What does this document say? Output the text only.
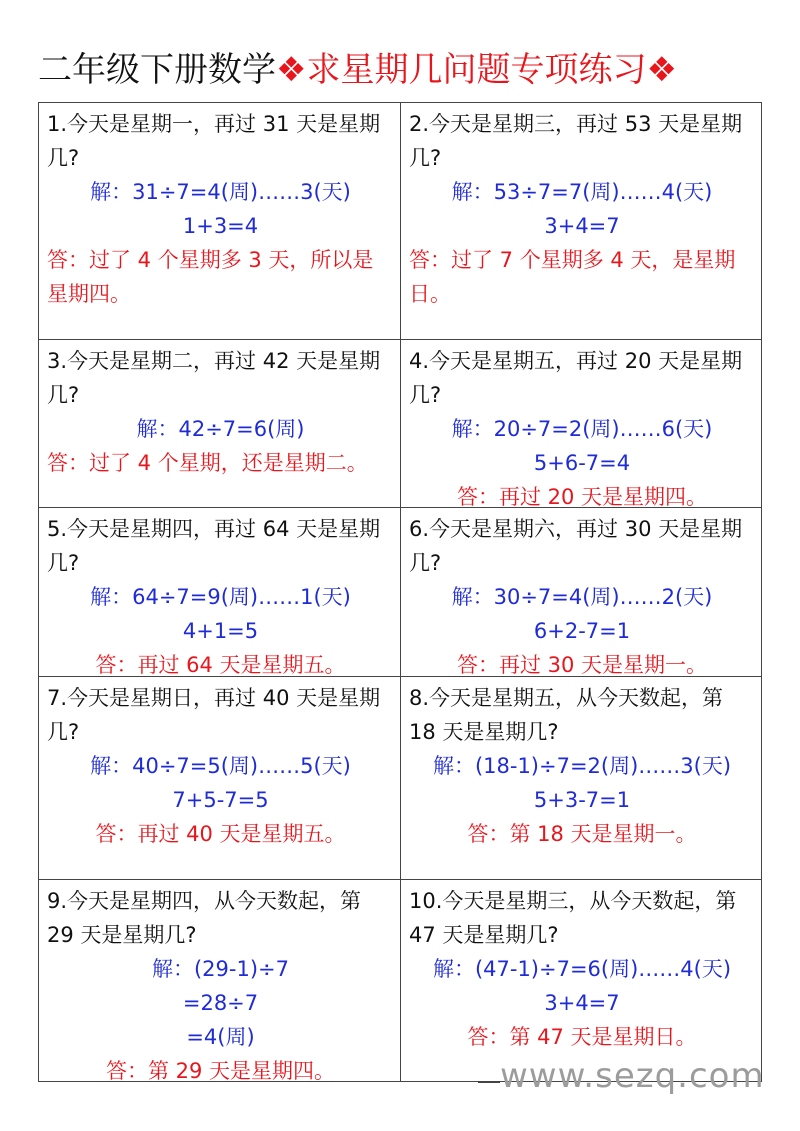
二年级下册数学❖求星期几问题专项练习❖
1.今天是星期一，再过 31 天是星期几?
解：31÷7=4(周)……3(天)
1+3=4
答：过了 4 个星期多 3 天，所以是星期四。
2.今天是星期三，再过 53 天是星期几?
解：53÷7=7(周)……4(天)
3+4=7
答：过了 7 个星期多 4 天，是星期日。
3.今天是星期二，再过 42 天是星期几?
解：42÷7=6(周)
答：过了 4 个星期，还是星期二。
4.今天是星期五，再过 20 天是星期几?
解：20÷7=2(周)……6(天)
5+6-7=4
答：再过 20 天是星期四。
5.今天是星期四，再过 64 天是星期几?
解：64÷7=9(周)……1(天)
4+1=5
答：再过 64 天是星期五。
6.今天是星期六，再过 30 天是星期几?
解：30÷7=4(周)……2(天)
6+2-7=1
答：再过 30 天是星期一。
7.今天是星期日，再过 40 天是星期几?
解：40÷7=5(周)……5(天)
7+5-7=5
答：再过 40 天是星期五。
8.今天是星期五，从今天数起，第 18 天是星期几?
解：(18-1)÷7=2(周)……3(天)
5+3-7=1
答：第 18 天是星期一。
9.今天是星期四，从今天数起，第 29 天是星期几?
解：(29-1)÷7
=28÷7
=4(周)
答：第 29 天是星期四。
10.今天是星期三，从今天数起，第 47 天是星期几?
解：(47-1)÷7=6(周)……4(天)
3+4=7
答：第 47 天是星期日。
www.sezq.com
